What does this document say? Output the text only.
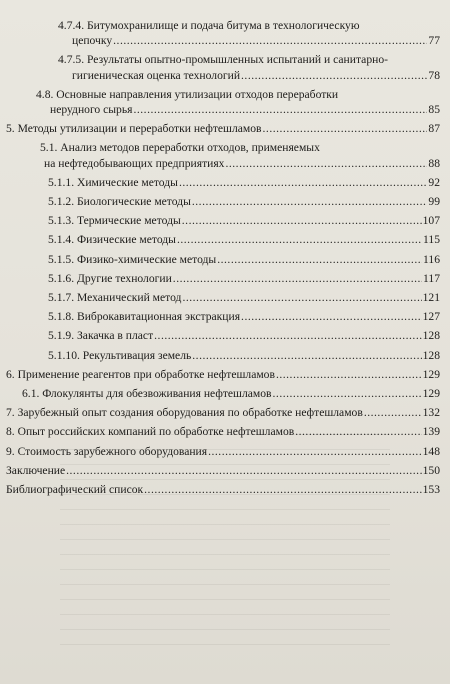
4.7.4. Битумохранилище и подача битума в технологическую
цепочку .....	77
4.7.5. Результаты опытно-промышленных испытаний и санитарно-
гигиеническая оценка технологий .....	78
4.8. Основные направления утилизации отходов переработки
нерудного сырья .....	85
5. Методы утилизации и переработки нефтешламов .....	87
5.1. Анализ методов переработки отходов, применяемых
на нефтедобывающих предприятиях .....	88
5.1.1. Химические методы .....	92
5.1.2. Биологические методы .....	99
5.1.3. Термические методы .....	107
5.1.4. Физические методы .....	115
5.1.5. Физико-химические методы .....	116
5.1.6. Другие технологии .....	117
5.1.7. Механический метод .....	121
5.1.8. Виброкавитационная экстракция .....	127
5.1.9. Закачка в пласт .....	128
5.1.10. Рекультивация земель .....	128
6. Применение реагентов при обработке нефтешламов .....	129
6.1. Флокулянты для обезвоживания нефтешламов .....	129
7. Зарубежный опыт создания оборудования по обработке нефтешламов .....	132
8. Опыт российских компаний по обработке нефтешламов .....	139
9. Стоимость зарубежного оборудования .....	148
Заключение .....	150
Библиографический список .....	153
